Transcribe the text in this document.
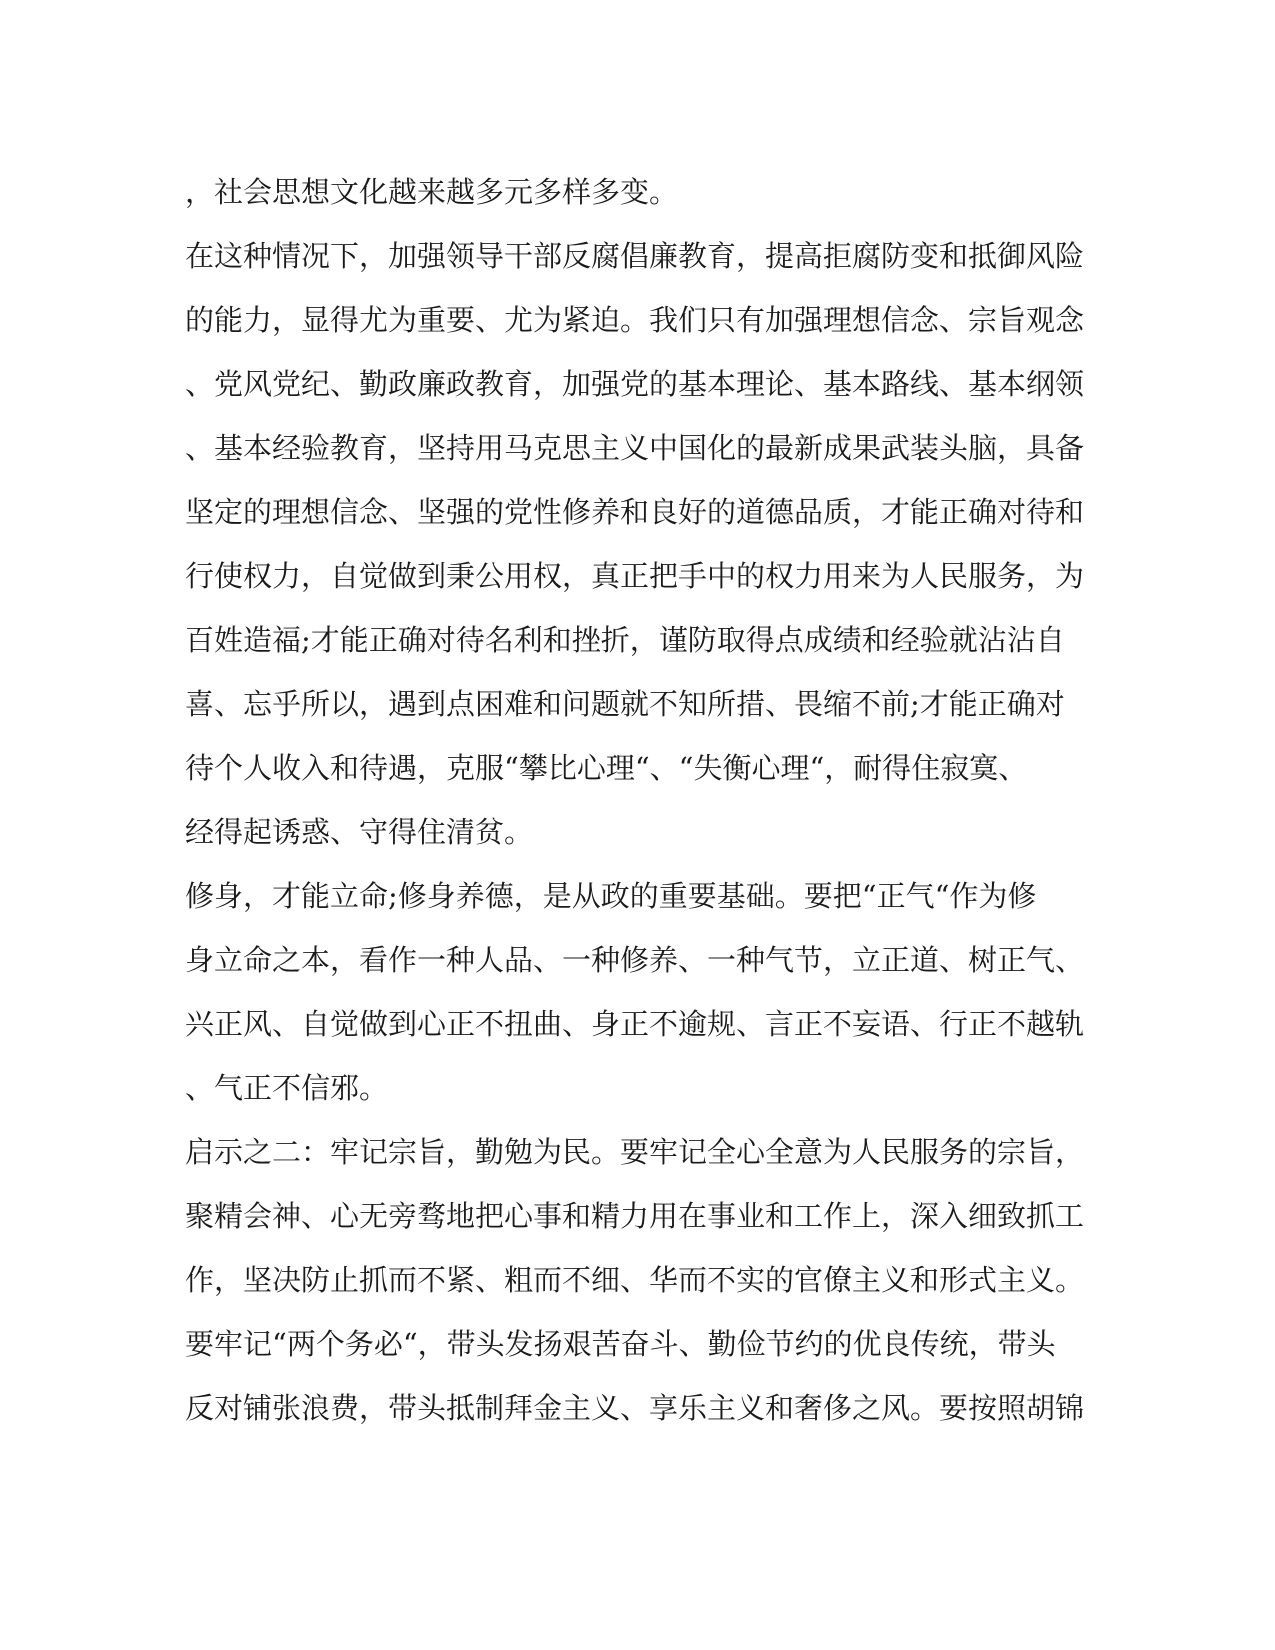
，社会思想文化越来越多元多样多变。
在这种情况下，加强领导干部反腐倡廉教育，提高拒腐防变和抵御风险
的能力，显得尤为重要、尤为紧迫。我们只有加强理想信念、宗旨观念
、党风党纪、勤政廉政教育，加强党的基本理论、基本路线、基本纲领
、基本经验教育，坚持用马克思主义中国化的最新成果武装头脑，具备
坚定的理想信念、坚强的党性修养和良好的道德品质，才能正确对待和
行使权力，自觉做到秉公用权，真正把手中的权力用来为人民服务，为
百姓造福;才能正确对待名利和挫折，谨防取得点成绩和经验就沾沾自
喜、忘乎所以，遇到点困难和问题就不知所措、畏缩不前;才能正确对
待个人收入和待遇，克服“攀比心理“、“失衡心理“，耐得住寂寞、
经得起诱惑、守得住清贫。
修身，才能立命;修身养德，是从政的重要基础。要把“正气“作为修
身立命之本，看作一种人品、一种修养、一种气节，立正道、树正气、
兴正风、自觉做到心正不扭曲、身正不逾规、言正不妄语、行正不越轨
、气正不信邪。
启示之二：牢记宗旨，勤勉为民。要牢记全心全意为人民服务的宗旨，
聚精会神、心无旁骛地把心事和精力用在事业和工作上，深入细致抓工
作，坚决防止抓而不紧、粗而不细、华而不实的官僚主义和形式主义。
要牢记“两个务必“，带头发扬艰苦奋斗、勤俭节约的优良传统，带头
反对铺张浪费，带头抵制拜金主义、享乐主义和奢侈之风。要按照胡锦
